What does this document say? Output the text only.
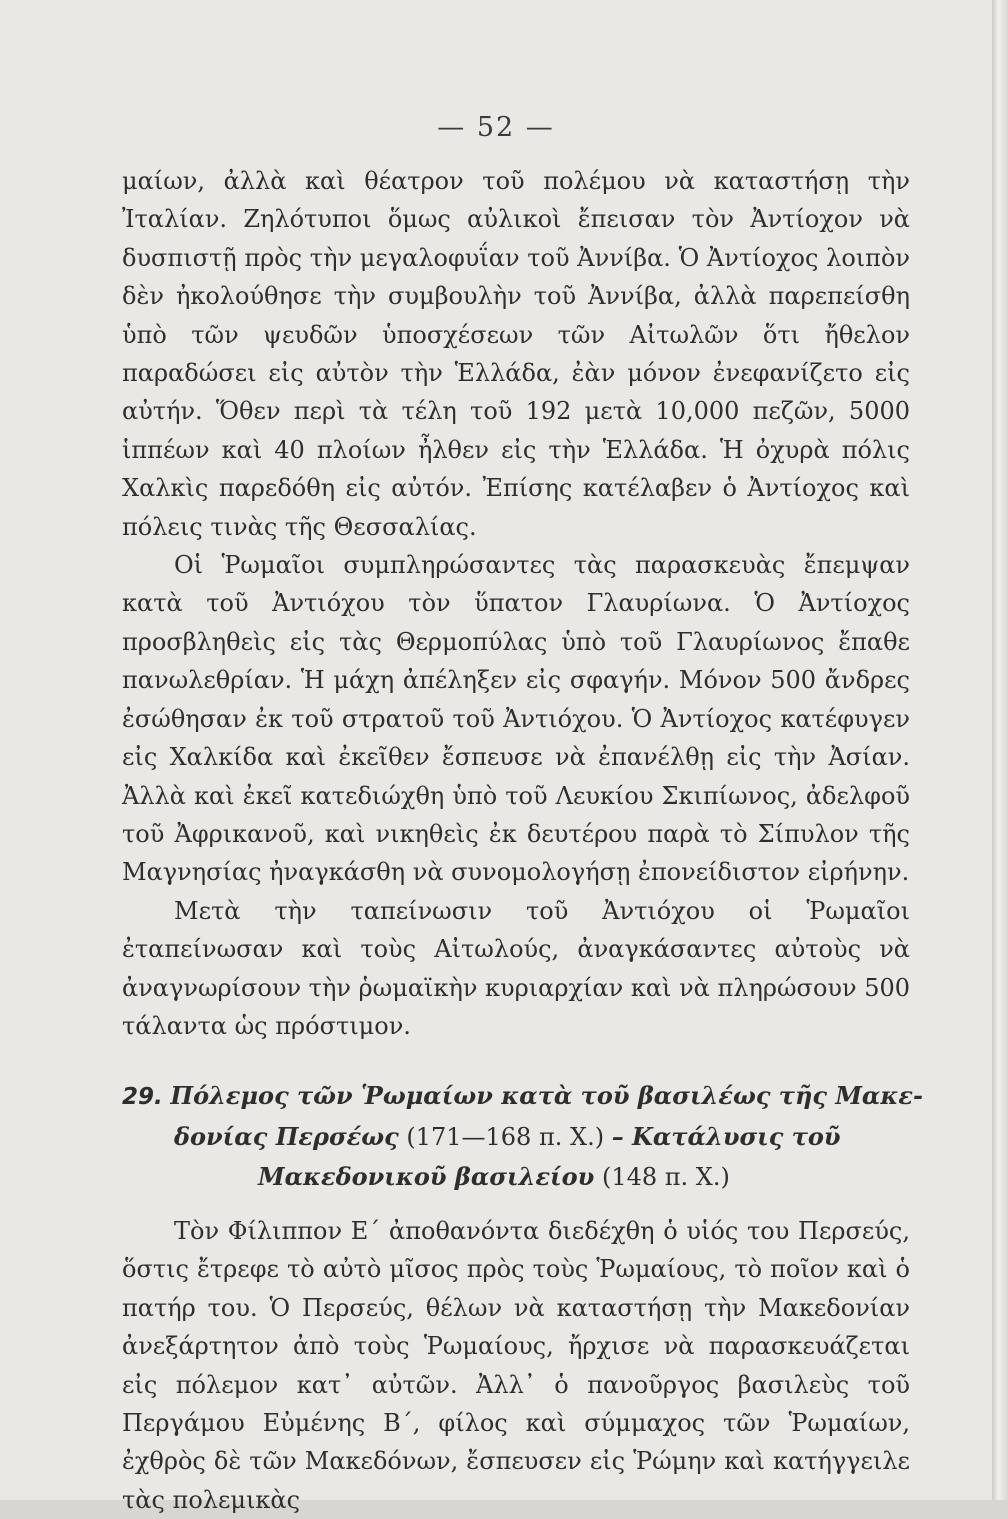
— 52 —

μαίων, ἀλλὰ καὶ θέατρον τοῦ πολέμου νὰ καταστήσῃ τὴν Ἰταλίαν. Ζηλότυποι ὅμως αὐλικοὶ ἔπεισαν τὸν Ἀντίοχον νὰ δυσπιστῇ πρὸς τὴν μεγαλοφυΐαν τοῦ Ἀννίβα. Ὁ Ἀντίοχος λοιπὸν δὲν ἠκολούθησε τὴν συμβουλὴν τοῦ Ἀννίβα, ἀλλὰ παρεπείσθη ὑπὸ τῶν ψευδῶν ὑποσχέσεων τῶν Αἰτωλῶν ὅτι ἤθελον παραδώσει εἰς αὐτὸν τὴν Ἑλλάδα, ἐὰν μόνον ἐνεφανίζετο εἰς αὐτήν. Ὅθεν περὶ τὰ τέλη τοῦ 192 μετὰ 10,000 πεζῶν, 5000 ἱππέων καὶ 40 πλοίων ἦλθεν εἰς τὴν Ἑλλάδα. Ἡ ὀχυρὰ πόλις Χαλκὶς παρεδόθη εἰς αὐτόν. Ἐπίσης κατέλαβεν ὁ Ἀντίοχος καὶ πόλεις τινὰς τῆς Θεσσαλίας.

Οἱ Ῥωμαῖοι συμπληρώσαντες τὰς παρασκευὰς ἔπεμψαν κατὰ τοῦ Ἀντιόχου τὸν ὕπατον Γλαυρίωνα. Ὁ Ἀντίοχος προσβληθεὶς εἰς τὰς Θερμοπύλας ὑπὸ τοῦ Γλαυρίωνος ἔπαθε πανωλεθρίαν. Ἡ μάχη ἀπέληξεν εἰς σφαγήν. Μόνον 500 ἄνδρες ἐσώθησαν ἐκ τοῦ στρατοῦ τοῦ Ἀντιόχου. Ὁ Ἀντίοχος κατέφυγεν εἰς Χαλκίδα καὶ ἐκεῖθεν ἔσπευσε νὰ ἐπανέλθῃ εἰς τὴν Ἀσίαν. Ἀλλὰ καὶ ἐκεῖ κατεδιώχθη ὑπὸ τοῦ Λευκίου Σκιπίωνος, ἀδελφοῦ τοῦ Ἀφρικανοῦ, καὶ νικηθεὶς ἐκ δευτέρου παρὰ τὸ Σίπυλον τῆς Μαγνησίας ἠναγκάσθη νὰ συνομολογήσῃ ἐπονείδιστον εἰρήνην.

Μετὰ τὴν ταπείνωσιν τοῦ Ἀντιόχου οἱ Ῥωμαῖοι ἐταπείνωσαν καὶ τοὺς Αἰτωλούς, ἀναγκάσαντες αὐτοὺς νὰ ἀναγνωρίσουν τὴν ῥωμαϊκὴν κυριαρχίαν καὶ νὰ πληρώσουν 500 τάλαντα ὡς πρόστιμον.

29. Πόλεμος τῶν Ῥωμαίων κατὰ τοῦ βασιλέως τῆς Μακε-
δονίας Περσέως (171—168 π. Χ.) – Κατάλυσις τοῦ
Μακεδονικοῦ βασιλείου (148 π. Χ.)

Τὸν Φίλιππον Ε΄ ἀποθανόντα διεδέχθη ὁ υἱός του Περσεύς, ὅστις ἔτρεφε τὸ αὐτὸ μῖσος πρὸς τοὺς Ῥωμαίους, τὸ ποῖον καὶ ὁ πατήρ του. Ὁ Περσεύς, θέλων νὰ καταστήσῃ τὴν Μακεδονίαν ἀνεξάρτητον ἀπὸ τοὺς Ῥωμαίους, ἤρχισε νὰ παρασκευάζεται εἰς πόλεμον κατ᾿ αὐτῶν. Ἀλλ᾿ ὁ πανοῦργος βασιλεὺς τοῦ Περγάμου Εὐμένης Β΄, φίλος καὶ σύμμαχος τῶν Ῥωμαίων, ἐχθρὸς δὲ τῶν Μακεδόνων, ἔσπευσεν εἰς Ῥώμην καὶ κατήγγειλε τὰς πολεμικὰς
